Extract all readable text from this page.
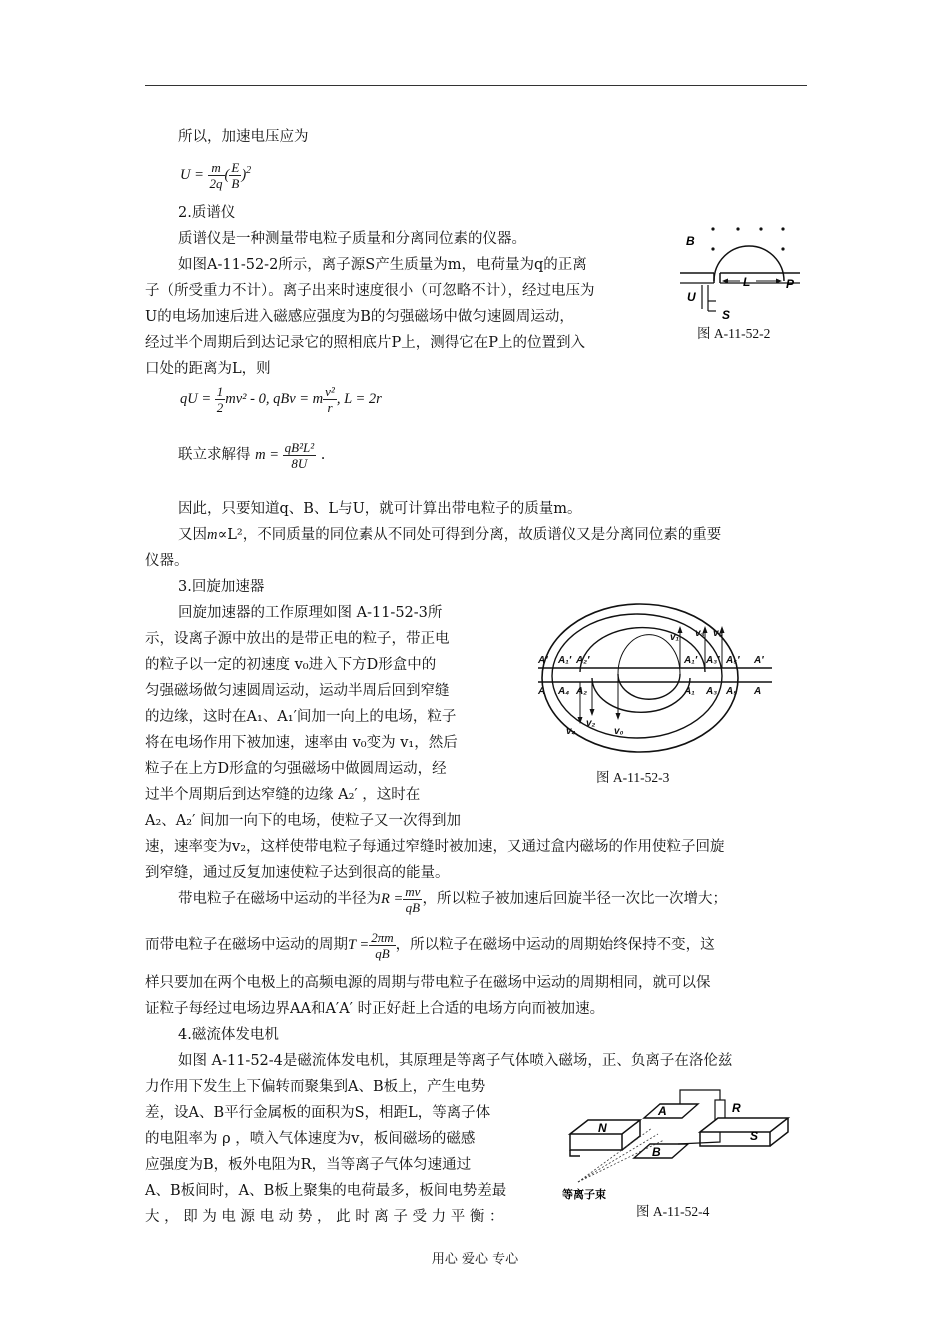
所以，加速电压应为
$U = \frac{m}{2q}$ ( $\frac{E}{B} )^2$
2.质谱仪
质谱仪是一种测量带电粒子质量和分离同位素的仪器。
如图A-11-52-2所示，离子源S产生质量为m，电荷量为q的正离
子（所受重力不计）。离子出来时速度很小（可忽略不计），经过电压为
U的电场加速后进入磁感应强度为B的匀强磁场中做匀速圆周运动，
经过半个周期后到达记录它的照相底片P上，测得它在P上的位置到入
口处的距离为L，则
qU = $\frac{1}{2} mv^2 - 0$, qBv = m $\frac{\text{v²}}{r}$ , L = 2r
联立求解得 $m = \frac{\text{qB²L²}}{8U}$ .
因此，只要知道q、B、L与U，就可计算出带电粒子的质量m。
又因m∝L²，不同质量的同位素从不同处可得到分离，故质谱仪又是分离同位素的重要
仪器。
B
L	P
U
S
图 A-11-52-2
3.回旋加速器
回旋加速器的工作原理如图 A-11-52-3所
示，设离子源中放出的是带正电的粒子，带正电
的粒子以一定的初速度 v₀进入下方D形盒中的
匀强磁场做匀速圆周运动，运动半周后回到窄缝
的边缘，这时在A₁、A₁′间加一向上的电场，粒子
将在电场作用下被加速，速率由 v₀变为 v₁，然后
粒子在上方D形盒的匀强磁场中做圆周运动，经
过半个周期后到达窄缝的边缘 A₂′ ，这时在
A₂、A₂′ 间加一向下的电场，使粒子又一次得到加
速，速率变为v₂，这样使带电粒子每通过窄缝时被加速，又通过盒内磁场的作用使粒子回旋
到窄缝，通过反复加速使粒子达到很高的能量。
A′ A₁′ A₂′
A A₄ A₂
A₁′ A₃′ A₅′ A′
A₁ A₃ A₅ A
v₀
v₁ v₃ v₅
v₂
v₄
图 A-11-52-3
带电粒子在磁场中运动的半径为$R = \frac{mv}{qB}$ ，所以粒子被加速后回旋半径一次比一次增大；
而带电粒子在磁场中运动的周期$T = \frac{2\pi m}{qB}$ ，所以粒子在磁场中运动的周期始终保持不变，这
样只要加在两个电极上的高频电源的周期与带电粒子在磁场中运动的周期相同，就可以保
证粒子每经过电场边界AA和A′A′ 时正好赶上合适的电场方向而被加速。
4.磁流体发电机
如图 A-11-52-4是磁流体发电机，其原理是等离子气体喷入磁场，正、负离子在洛伦兹
力作用下发生上下偏转而聚集到A、B板上，产生电势
差，设A、B平行金属板的面积为S，相距L，等离子体
的电阻率为 ρ ，喷入气体速度为v，板间磁场的磁感
应强度为B，板外电阻为R，当等离子气体匀速通过
A、B板间时，A、B板上聚集的电荷最多，板间电势差最
大 ， 即 为 电 源 电 动 势 ， 此 时 离 子 受 力 平 衡 ：
N
A
B
R
S
等离子束
图 A-11-52-4
用心 爱心 专心
